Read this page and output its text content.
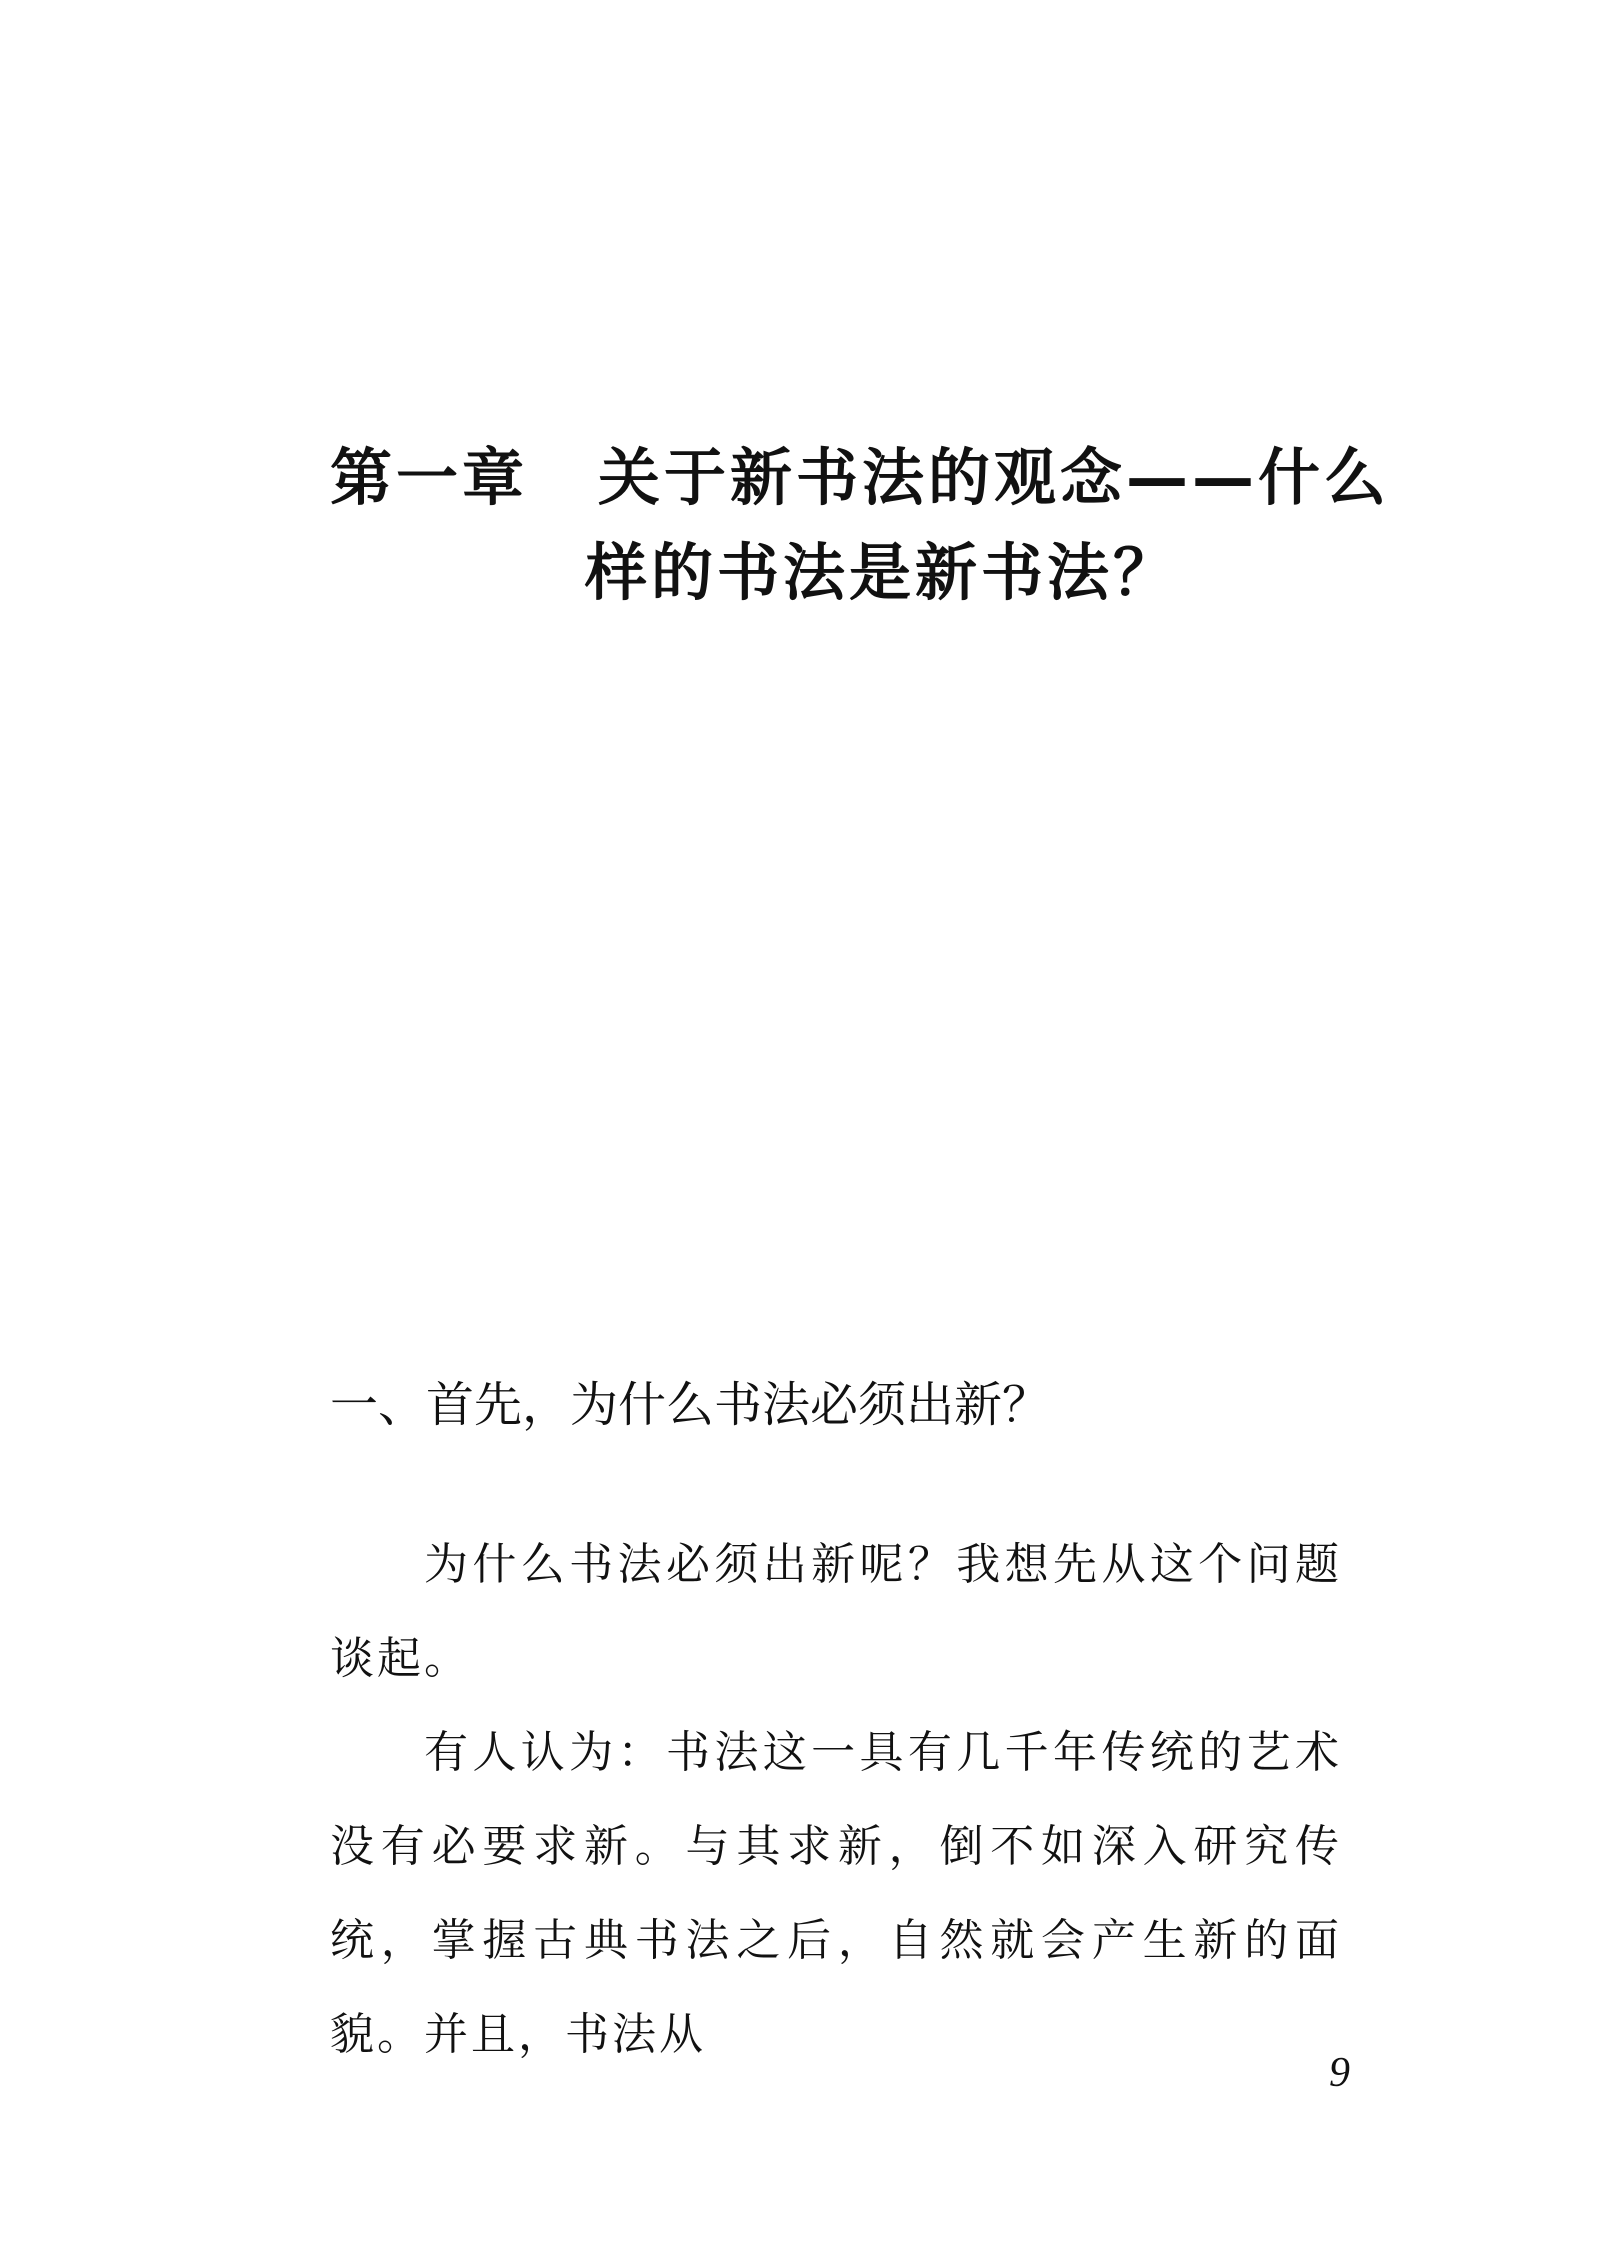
第一章 关于新书法的观念——什么
样的书法是新书法？
一、首先，为什么书法必须出新？

为什么书法必须出新呢？我想先从这个问题谈起。

有人认为：书法这一具有几千年传统的艺术没有必要求新。与其求新，倒不如深入研究传统，掌握古典书法之后，自然就会产生新的面貌。并且，书法从

9
